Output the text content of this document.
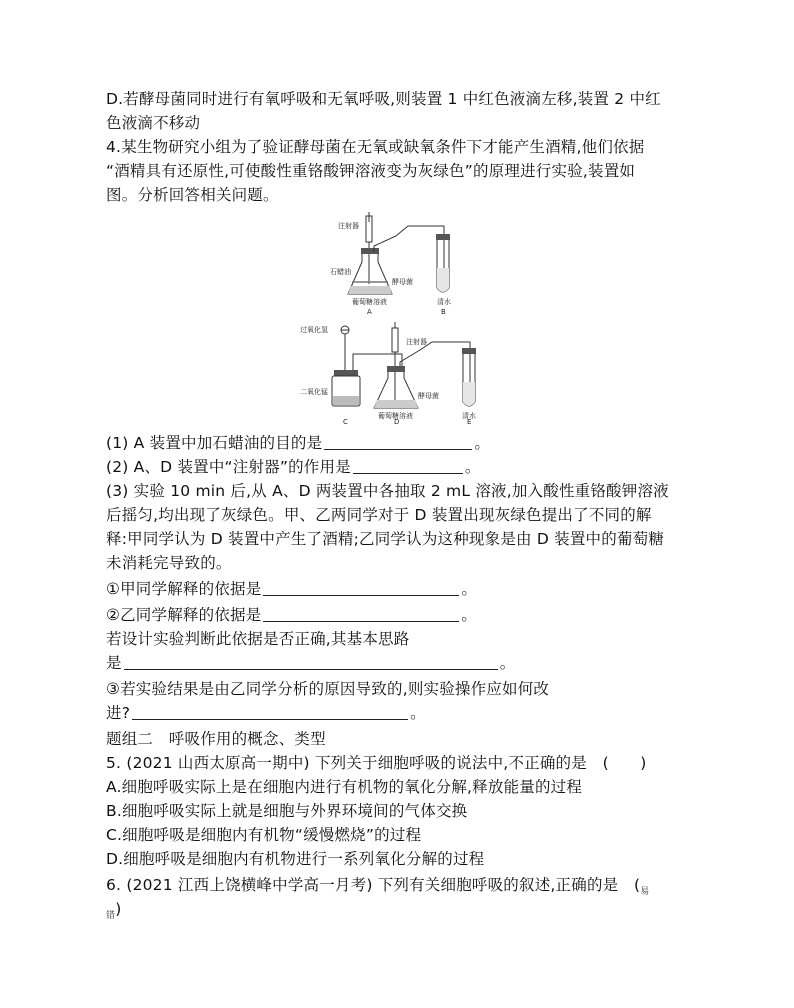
D.若酵母菌同时进行有氧呼吸和无氧呼吸,则装置 1 中红色液滴左移,装置 2 中红
色液滴不移动
4.某生物研究小组为了验证酵母菌在无氧或缺氧条件下才能产生酒精,他们依据
“酒精具有还原性,可使酸性重铬酸钾溶液变为灰绿色”的原理进行实验,装置如
图。分析回答相关问题。
注射器
石蜡油
酵母菌
葡萄糖溶液	清水
A	B
过氧化氢
二氧化锰
注射器
酵母菌
葡萄糖溶液	清水
C	D	E
(1) A 装置中加石蜡油的目的是	。
(2) A、D 装置中“注射器”的作用是	。
(3) 实验 10 min 后,从 A、D 两装置中各抽取 2 mL 溶液,加入酸性重铬酸钾溶液
后摇匀,均出现了灰绿色。甲、乙两同学对于 D 装置出现灰绿色提出了不同的解
释:甲同学认为 D 装置中产生了酒精;乙同学认为这种现象是由 D 装置中的葡萄糖
未消耗完导致的。
①甲同学解释的依据是	。
②乙同学解释的依据是	。
若设计实验判断此依据是否正确,其基本思路
是	。
③若实验结果是由乙同学分析的原因导致的,则实验操作应如何改
进?	。
题组二　呼吸作用的概念、类型
5. (2021 山西太原高一期中) 下列关于细胞呼吸的说法中,不正确的是　(　　)
A.细胞呼吸实际上是在细胞内进行有机物的氧化分解,释放能量的过程
B.细胞呼吸实际上就是细胞与外界环境间的气体交换
C.细胞呼吸是细胞内有机物“缓慢燃烧”的过程
D.细胞呼吸是细胞内有机物进行一系列氧化分解的过程
6. (2021 江西上饶横峰中学高一月考) 下列有关细胞呼吸的叙述,正确的是　($_易$
$_错$)
